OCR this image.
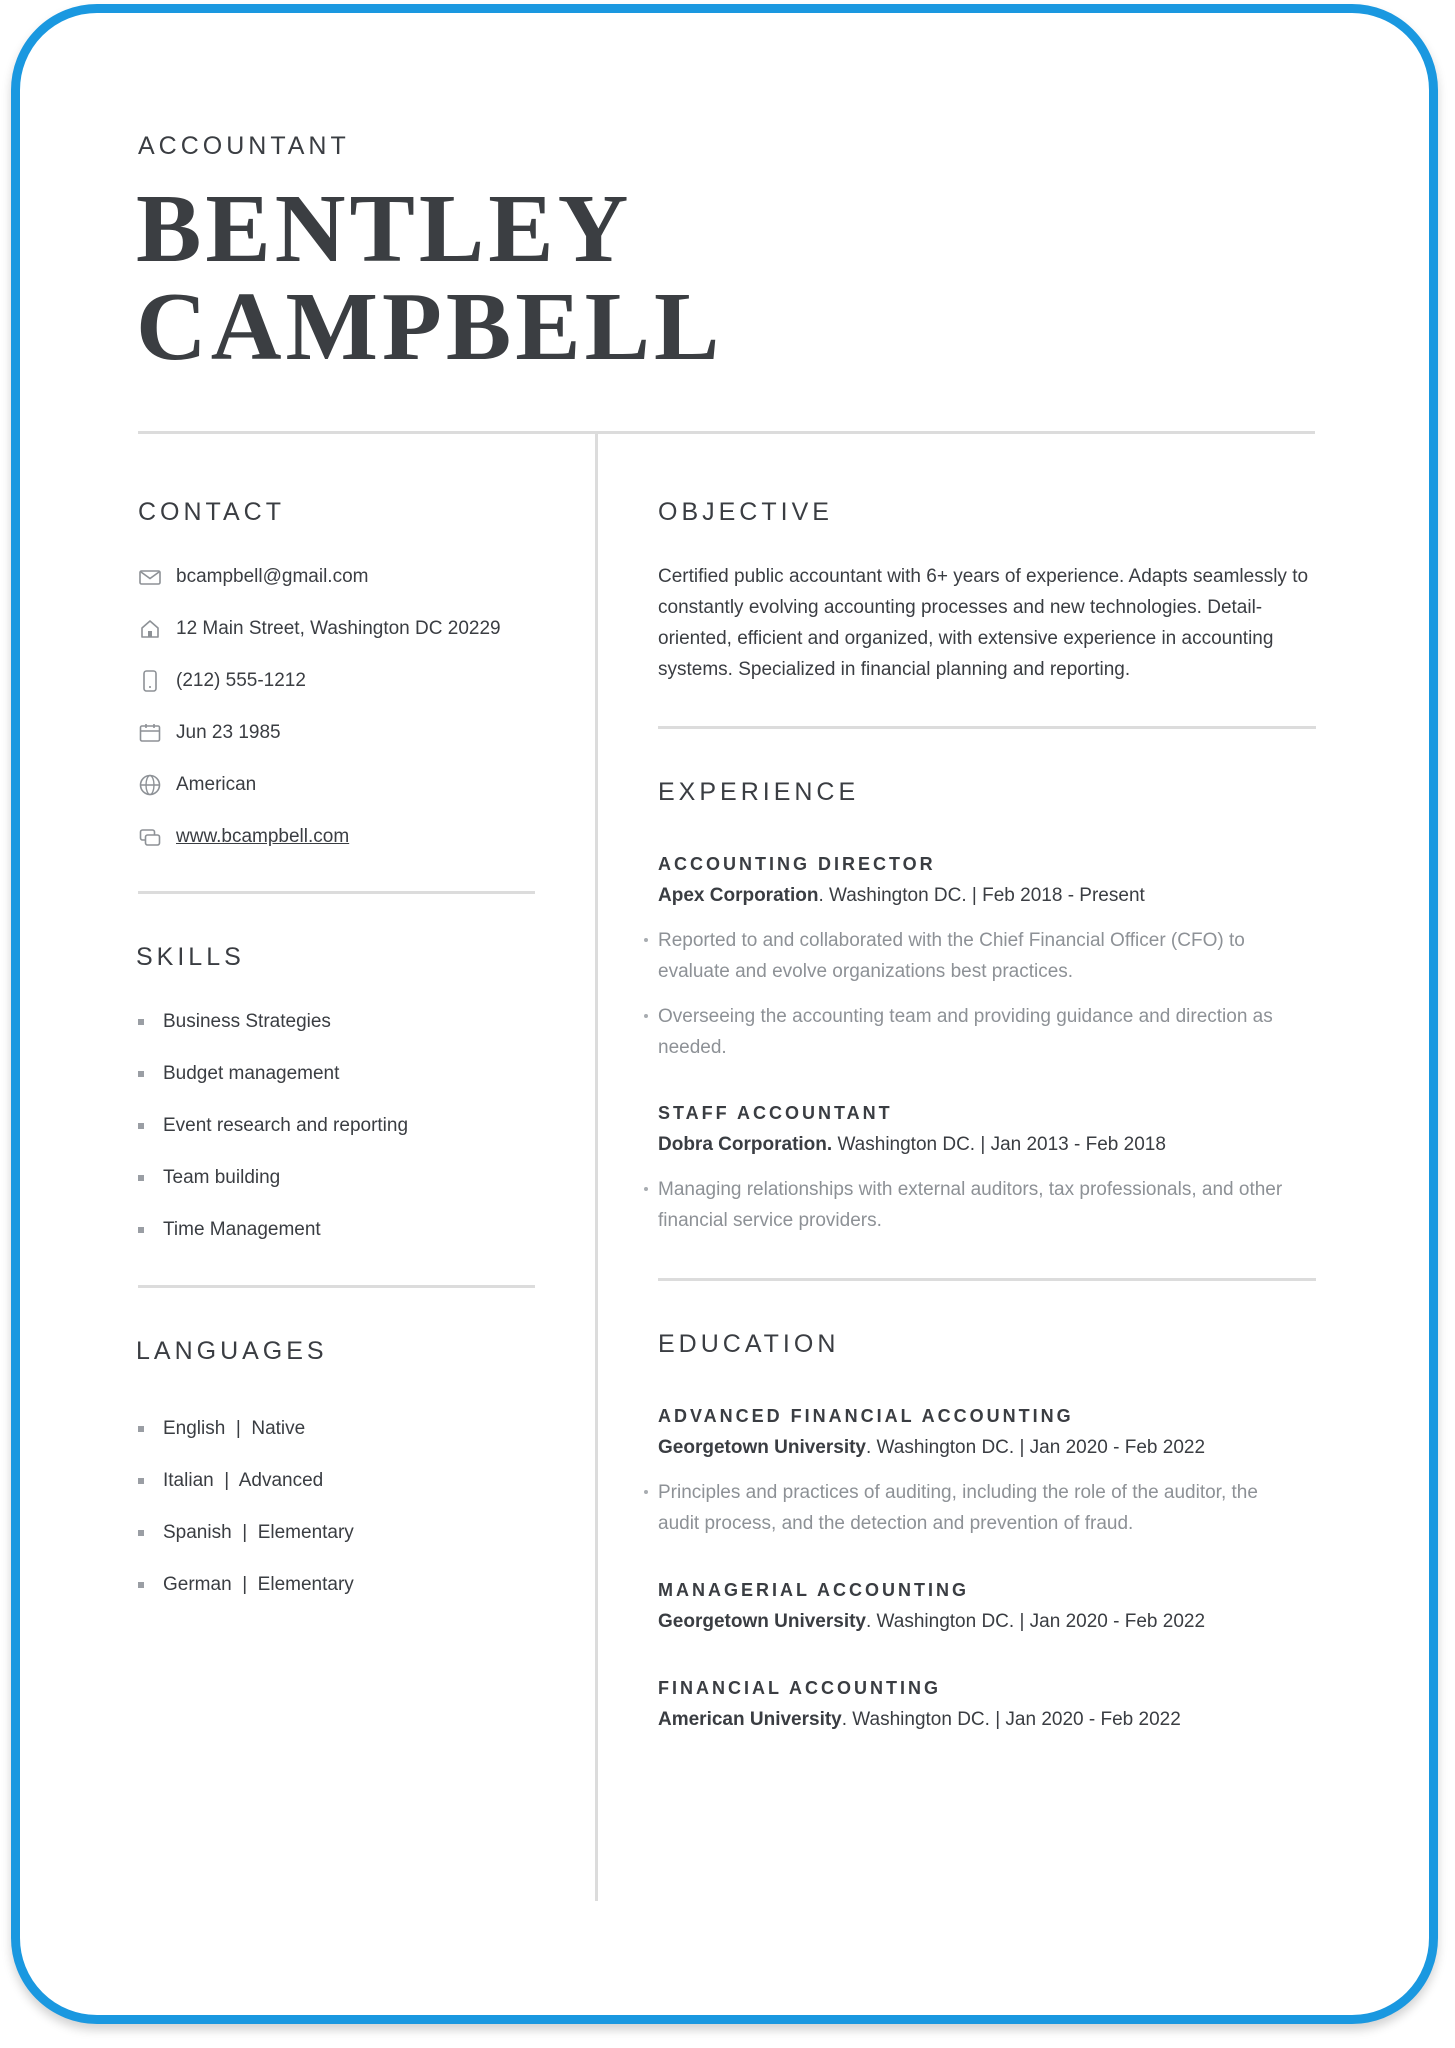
ACCOUNTANT
BENTLEY
CAMPBELL
CONTACT
bcampbell@gmail.com
12 Main Street, Washington DC 20229
(212) 555-1212
Jun 23 1985
American
www.bcampbell.com
SKILLS
Business Strategies
Budget management
Event research and reporting
Team building
Time Management
LANGUAGES
English  |  Native
Italian  |  Advanced
Spanish  |  Elementary
German  |  Elementary
OBJECTIVE
Certified public accountant with 6+ years of experience. Adapts seamlessly to constantly evolving accounting processes and new technologies. Detail-oriented, efficient and organized, with extensive experience in accounting systems. Specialized in financial planning and reporting.
EXPERIENCE
ACCOUNTING DIRECTOR
Apex Corporation. Washington DC. | Feb 2018 - Present
Reported to and collaborated with the Chief Financial Officer (CFO) to evaluate and evolve organizations best practices.
Overseeing the accounting team and providing guidance and direction as needed.
STAFF ACCOUNTANT
Dobra Corporation. Washington DC. | Jan 2013 - Feb 2018
Managing relationships with external auditors, tax professionals, and other financial service providers.
EDUCATION
ADVANCED FINANCIAL ACCOUNTING
Georgetown University. Washington DC. | Jan 2020 - Feb 2022
Principles and practices of auditing, including the role of the auditor, the audit process, and the detection and prevention of fraud.
MANAGERIAL ACCOUNTING
Georgetown University. Washington DC. | Jan 2020 - Feb 2022
FINANCIAL ACCOUNTING
American University. Washington DC. | Jan 2020 - Feb 2022
